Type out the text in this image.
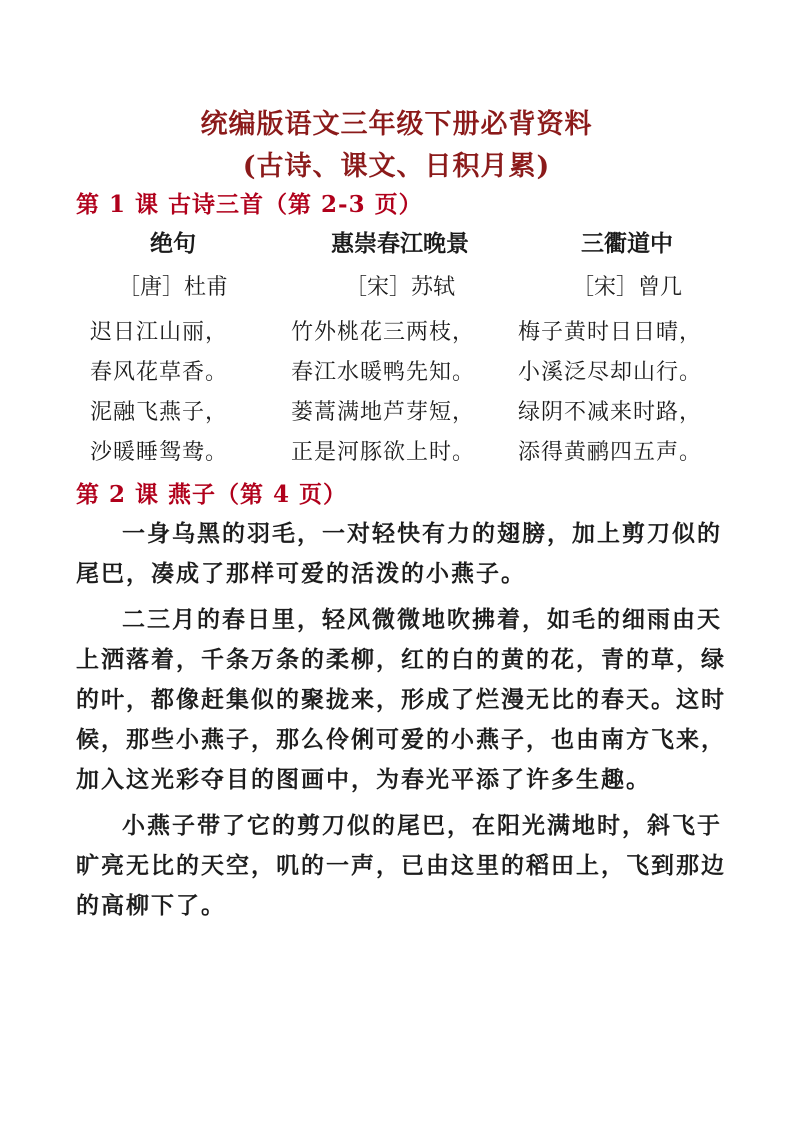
统编版语文三年级下册必背资料
(古诗、课文、日积月累)
第 1 课 古诗三首（第 2-3 页）
绝句
［唐］杜甫
迟日江山丽，
春风花草香。
泥融飞燕子，
沙暖睡鸳鸯。
惠崇春江晚景
［宋］苏轼
竹外桃花三两枝，
春江水暖鸭先知。
蒌蒿满地芦芽短，
正是河豚欲上时。
三衢道中
［宋］曾几
梅子黄时日日晴，
小溪泛尽却山行。
绿阴不减来时路，
添得黄鹂四五声。
第 2 课 燕子（第 4 页）

一身乌黑的羽毛，一对轻快有力的翅膀，加上剪刀似的尾巴，凑成了那样可爱的活泼的小燕子。

二三月的春日里，轻风微微地吹拂着，如毛的细雨由天上洒落着，千条万条的柔柳，红的白的黄的花，青的草，绿的叶，都像赶集似的聚拢来，形成了烂漫无比的春天。这时候，那些小燕子，那么伶俐可爱的小燕子，也由南方飞来，加入这光彩夺目的图画中，为春光平添了许多生趣。

小燕子带了它的剪刀似的尾巴，在阳光满地时，斜飞于旷亮无比的天空，叽的一声，已由这里的稻田上，飞到那边的高柳下了。
